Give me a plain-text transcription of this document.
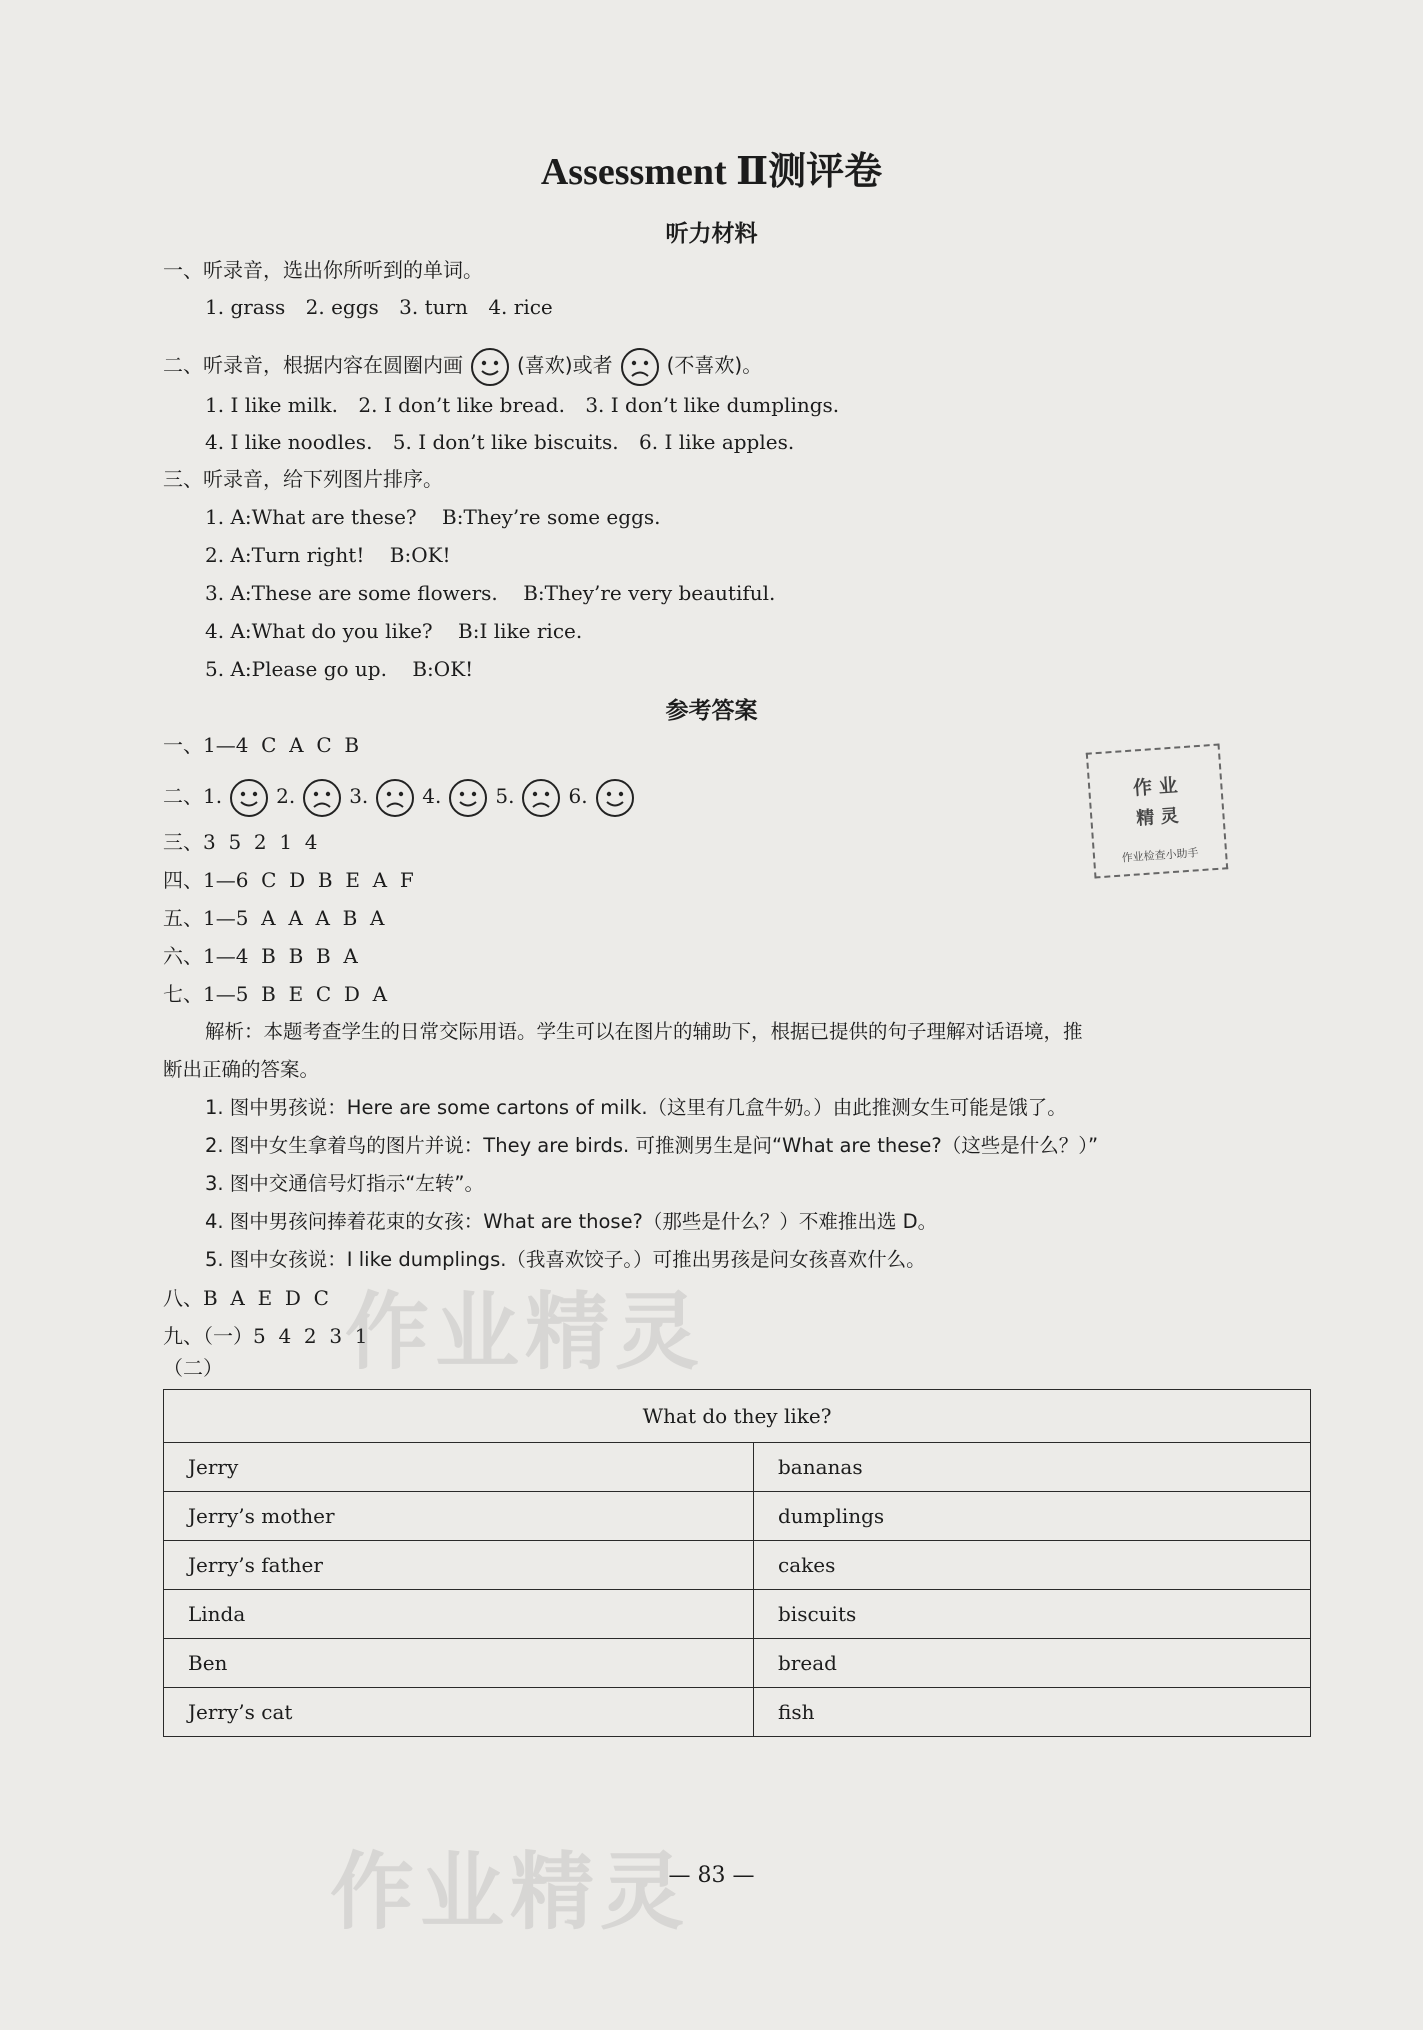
Assessment Ⅱ测评卷
听力材料
一、听录音，选出你所听到的单词。
1. grass 2. eggs 3. turn 4. rice
二、听录音，根据内容在圆圈内画	(喜欢)或者	(不喜欢)。
1. I like milk. 2. I don’t like bread. 3. I don’t like dumplings.
4. I like noodles. 5. I don’t like biscuits. 6. I like apples.
三、听录音，给下列图片排序。
1. A:What are these?    B:They’re some eggs.
2. A:Turn right!    B:OK!
3. A:These are some flowers.    B:They’re very beautiful.
4. A:What do you like?    B:I like rice.
5. A:Please go up.    B:OK!
参考答案
一、1—4  C  A  C  B
二、1.	2.	3.	4.	5.	6.
三、3  5  2  1  4
四、1—6  C  D  B  E  A  F
五、1—5  A  A  A  B  A
六、1—4  B  B  B  A
七、1—5  B  E  C  D  A
解析：本题考查学生的日常交际用语。学生可以在图片的辅助下，根据已提供的句子理解对话语境，推
断出正确的答案。
1. 图中男孩说：Here are some cartons of milk.（这里有几盒牛奶。）由此推测女生可能是饿了。
2. 图中女生拿着鸟的图片并说：They are birds. 可推测男生是问“What are these?（这些是什么？）”
3. 图中交通信号灯指示“左转”。
4. 图中男孩问捧着花束的女孩：What are those?（那些是什么？）不难推出选 D。
5. 图中女孩说：I like dumplings.（我喜欢饺子。）可推出男孩是问女孩喜欢什么。
八、B  A  E  D  C
九、（一）5  4  2  3  1
（二）
What do they like?	
Jerry	bananas
Jerry’s mother	dumplings
Jerry’s father	cakes
Linda	biscuits
Ben	bread
Jerry’s cat	fish
作 业
精 灵
作业检查小助手
作业精灵
作业精灵
— 83 —
